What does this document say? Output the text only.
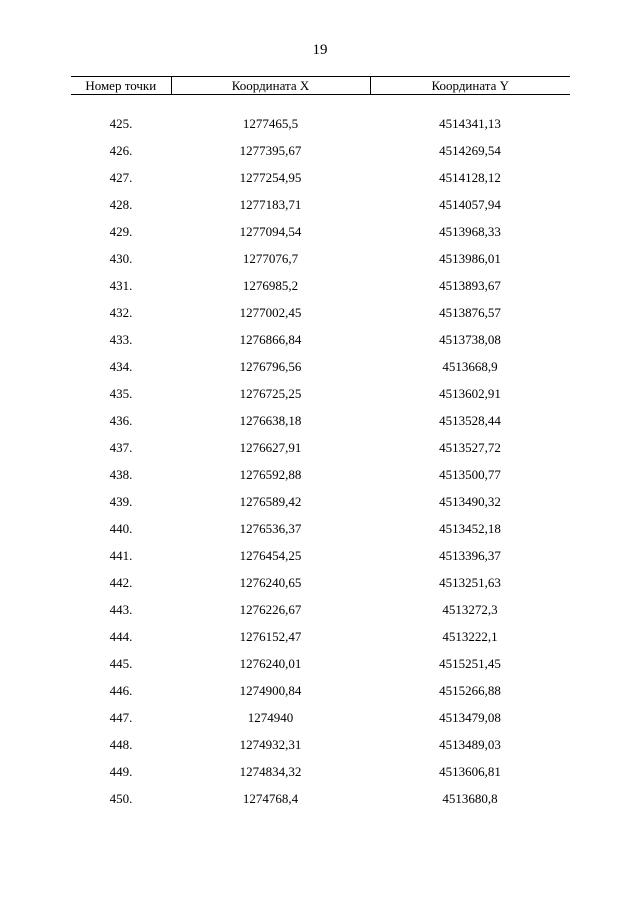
19
Номер точки	Координата X	Координата Y

425.	1277465,5	4514341,13
426.	1277395,67	4514269,54
427.	1277254,95	4514128,12
428.	1277183,71	4514057,94
429.	1277094,54	4513968,33
430.	1277076,7	4513986,01
431.	1276985,2	4513893,67
432.	1277002,45	4513876,57
433.	1276866,84	4513738,08
434.	1276796,56	4513668,9
435.	1276725,25	4513602,91
436.	1276638,18	4513528,44
437.	1276627,91	4513527,72
438.	1276592,88	4513500,77
439.	1276589,42	4513490,32
440.	1276536,37	4513452,18
441.	1276454,25	4513396,37
442.	1276240,65	4513251,63
443.	1276226,67	4513272,3
444.	1276152,47	4513222,1
445.	1276240,01	4515251,45
446.	1274900,84	4515266,88
447.	1274940	4513479,08
448.	1274932,31	4513489,03
449.	1274834,32	4513606,81
450.	1274768,4	4513680,8
